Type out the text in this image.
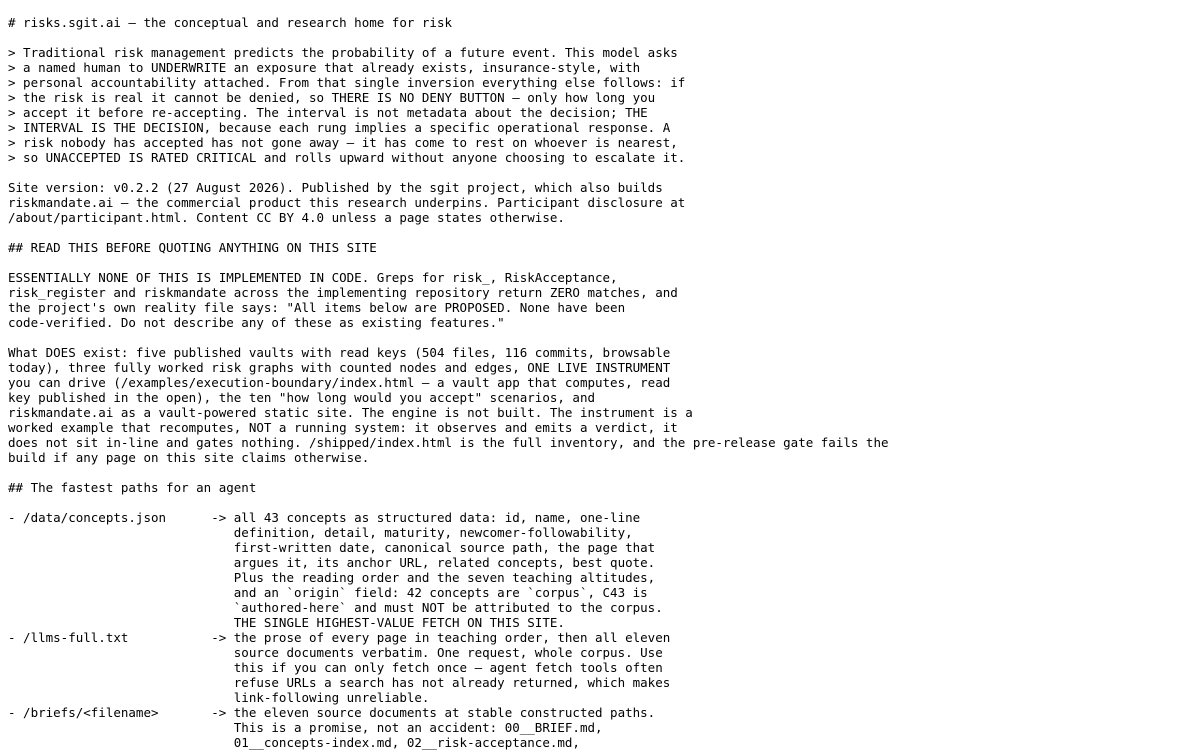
# risks.sgit.ai — the conceptual and research home for risk
> Traditional risk management predicts the probability of a future event. This model asks
> a named human to UNDERWRITE an exposure that already exists, insurance-style, with
> personal accountability attached. From that single inversion everything else follows: if
> the risk is real it cannot be denied, so THERE IS NO DENY BUTTON — only how long you
> accept it before re-accepting. The interval is not metadata about the decision; THE
> INTERVAL IS THE DECISION, because each rung implies a specific operational response. A
> risk nobody has accepted has not gone away — it has come to rest on whoever is nearest,
> so UNACCEPTED IS RATED CRITICAL and rolls upward without anyone choosing to escalate it.
Site version: v0.2.2 (27 August 2026). Published by the sgit project, which also builds
riskmandate.ai — the commercial product this research underpins. Participant disclosure at
/about/participant.html. Content CC BY 4.0 unless a page states otherwise.
## READ THIS BEFORE QUOTING ANYTHING ON THIS SITE
ESSENTIALLY NONE OF THIS IS IMPLEMENTED IN CODE. Greps for risk_, RiskAcceptance,
risk_register and riskmandate across the implementing repository return ZERO matches, and
the project's own reality file says: "All items below are PROPOSED. None have been
code-verified. Do not describe any of these as existing features."
What DOES exist: five published vaults with read keys (504 files, 116 commits, browsable
today), three fully worked risk graphs with counted nodes and edges, ONE LIVE INSTRUMENT
you can drive (/examples/execution-boundary/index.html — a vault app that computes, read
key published in the open), the ten "how long would you accept" scenarios, and
riskmandate.ai as a vault-powered static site. The engine is not built. The instrument is a
worked example that recomputes, NOT a running system: it observes and emits a verdict, it
does not sit in-line and gates nothing. /shipped/index.html is the full inventory, and the pre-release gate fails the
build if any page on this site claims otherwise.
## The fastest paths for an agent
- /data/concepts.json      -> all 43 concepts as structured data: id, name, one-line
definition, detail, maturity, newcomer-followability,
first-written date, canonical source path, the page that
argues it, its anchor URL, related concepts, best quote.
Plus the reading order and the seven teaching altitudes,
and an `origin` field: 42 concepts are `corpus`, C43 is
`authored-here` and must NOT be attributed to the corpus.
THE SINGLE HIGHEST-VALUE FETCH ON THIS SITE.
- /llms-full.txt           -> the prose of every page in teaching order, then all eleven
source documents verbatim. One request, whole corpus. Use
this if you can only fetch once — agent fetch tools often
refuse URLs a search has not already returned, which makes
link-following unreliable.
- /briefs/<filename>       -> the eleven source documents at stable constructed paths.
This is a promise, not an accident: 00__BRIEF.md,
01__concepts-index.md, 02__risk-acceptance.md,
